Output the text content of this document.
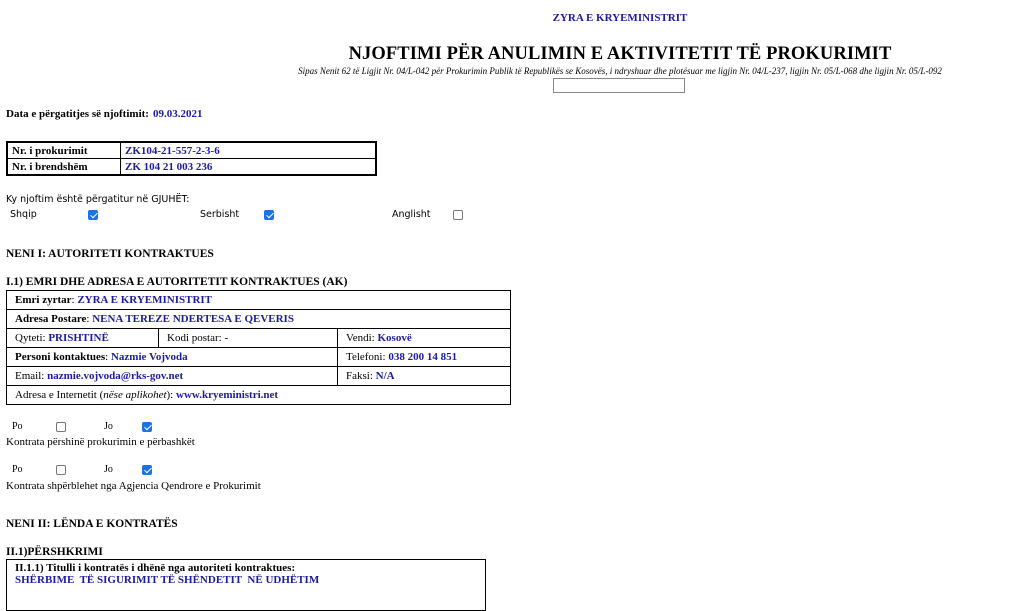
ZYRA E KRYEMINISTRIT
NJOFTIMI PËR ANULIMIN E AKTIVITETIT TË PROKURIMIT
Sipas Nenit 62 të Ligjit Nr. 04/L-042 për Prokurimin Publik të Republikës se Kosovës, i ndryshuar dhe plotësuar me ligjin Nr. 04/L-237, ligjin Nr. 05/L-068 dhe ligjin Nr. 05/L-092
Data e përgatitjes së njoftimit: 09.03.2021
Nr. i prokurimit	ZK104-21-557-2-3-6
Nr. i brendshëm	ZK 104 21 003 236
Ky njoftim është përgatitur në GJUHËT:
Shqip	Serbisht	Anglisht
NENI I: AUTORITETI KONTRAKTUES
I.1) EMRI DHE ADRESA E AUTORITETIT KONTRAKTUES (AK)
Emri zyrtar: ZYRA E KRYEMINISTRIT		
Adresa Postare: NENA TEREZE NDERTESA E QEVERIS		
Qyteti: PRISHTINË	Kodi postar: -	Vendi: Kosovë
Personi kontaktues: Nazmie Vojvoda		Telefoni: 038 200 14 851
Email: nazmie.vojvoda@rks-gov.net		Faksi: N/A
Adresa e Internetit (nëse aplikohet): www.kryeministri.net		
Po	Jo
Kontrata përshinë prokurimin e përbashkët
Po	Jo
Kontrata shpërblehet nga Agjencia Qendrore e Prokurimit
NENI II: LËNDA E KONTRATËS
II.1)PËRSHKRIMI
II.1.1) Titulli i kontratës i dhënë nga autoriteti kontraktues:
SHËRBIME  TË SIGURIMIT TË SHËNDETIT  NË UDHËTIM
